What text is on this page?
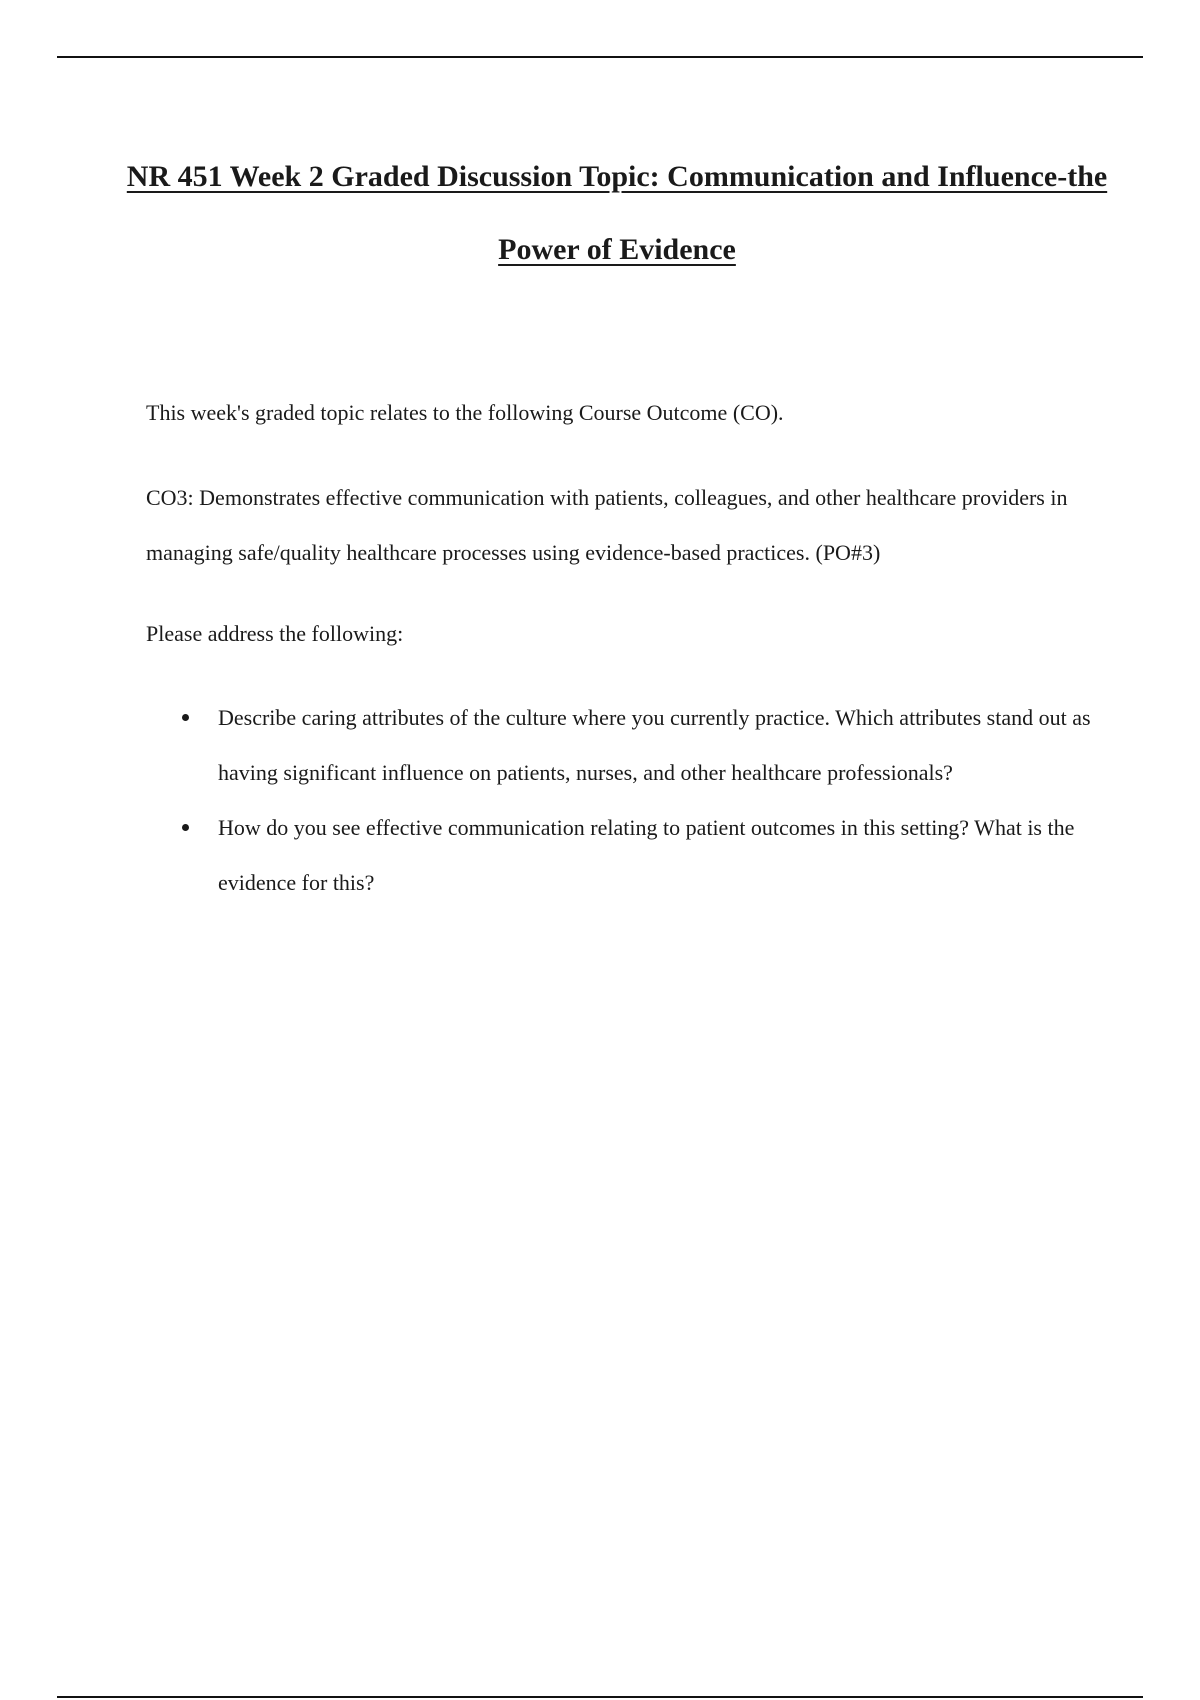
NR 451 Week 2 Graded Discussion Topic: Communication and Influence-the Power of Evidence

This week's graded topic relates to the following Course Outcome (CO).

CO3: Demonstrates effective communication with patients, colleagues, and other healthcare providers in managing safe/quality healthcare processes using evidence-based practices. (PO#3)

Please address the following:

Describe caring attributes of the culture where you currently practice. Which attributes stand out as having significant influence on patients, nurses, and other healthcare professionals?
How do you see effective communication relating to patient outcomes in this setting? What is the evidence for this?
